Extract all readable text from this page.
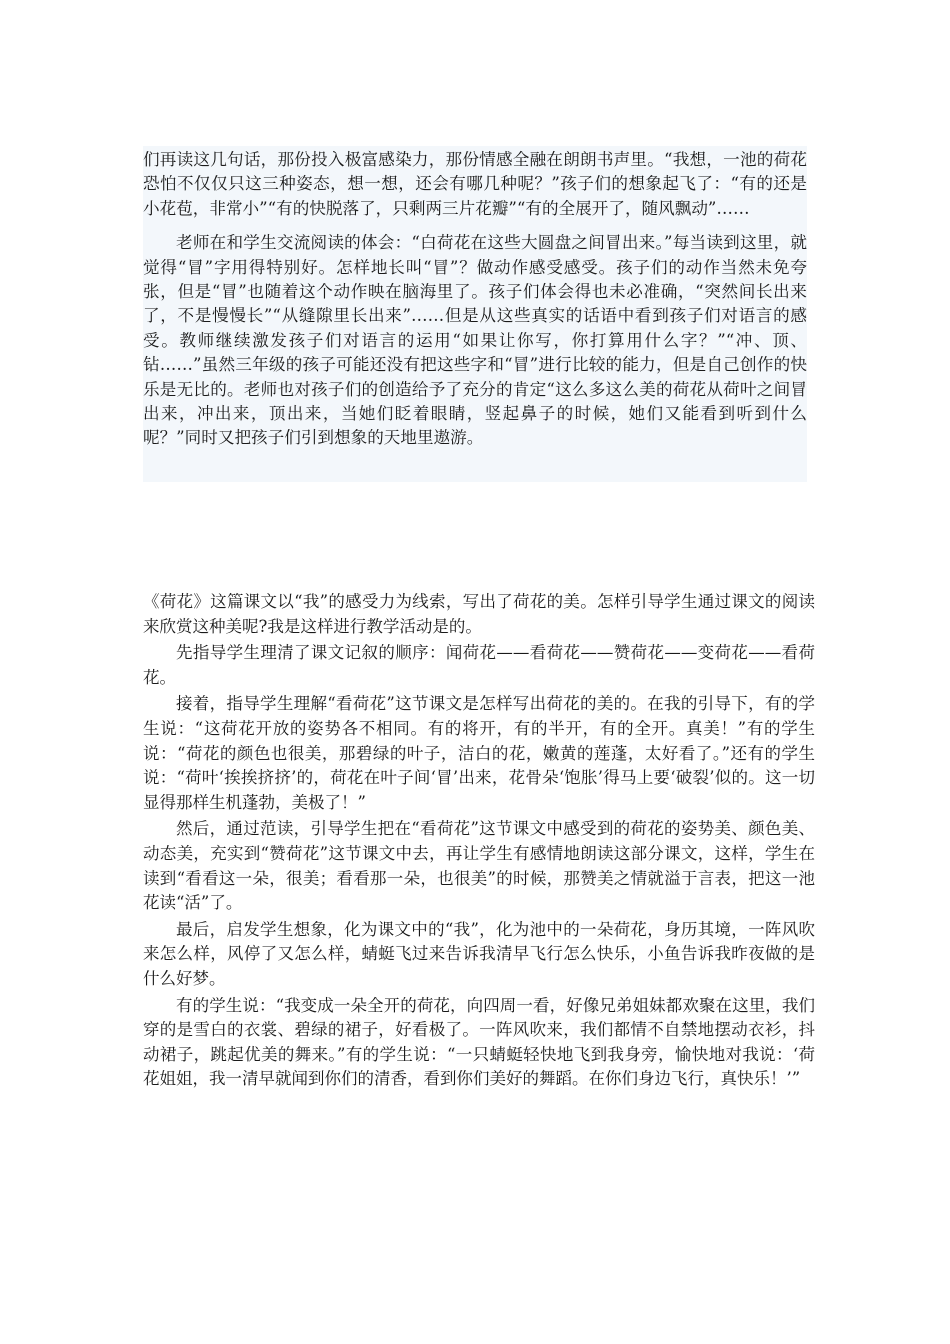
们再读这几句话，那份投入极富感染力，那份情感全融在朗朗书声里。“我想，一池的荷花恐怕不仅仅只这三种姿态，想一想，还会有哪几种呢？”孩子们的想象起飞了：“有的还是小花苞，非常小”“有的快脱落了，只剩两三片花瓣”“有的全展开了，随风飘动”……

老师在和学生交流阅读的体会：“白荷花在这些大圆盘之间冒出来。”每当读到这里，就觉得“冒”字用得特别好。怎样地长叫“冒”？做动作感受感受。孩子们的动作当然未免夸张，但是“冒”也随着这个动作映在脑海里了。孩子们体会得也未必准确，“突然间长出来了，不是慢慢长”“从缝隙里长出来”……但是从这些真实的话语中看到孩子们对语言的感受。教师继续激发孩子们对语言的运用“如果让你写，你打算用什么字？”“冲、顶、钻……”虽然三年级的孩子可能还没有把这些字和“冒”进行比较的能力，但是自己创作的快乐是无比的。老师也对孩子们的创造给予了充分的肯定“这么多这么美的荷花从荷叶之间冒出来，冲出来，顶出来，当她们眨着眼睛，竖起鼻子的时候，她们又能看到听到什么呢？”同时又把孩子们引到想象的天地里遨游。

《荷花》这篇课文以“我”的感受力为线索，写出了荷花的美。怎样引导学生通过课文的阅读来欣赏这种美呢?我是这样进行教学活动是的。

先指导学生理清了课文记叙的顺序：闻荷花——看荷花——赞荷花——变荷花——看荷花。

接着，指导学生理解“看荷花”这节课文是怎样写出荷花的美的。在我的引导下，有的学生说：“这荷花开放的姿势各不相同。有的将开，有的半开，有的全开。真美！”有的学生说：“荷花的颜色也很美，那碧绿的叶子，洁白的花，嫩黄的莲蓬，太好看了。”还有的学生说：“荷叶‘挨挨挤挤’的，荷花在叶子间‘冒’出来，花骨朵‘饱胀’得马上要‘破裂’似的。这一切显得那样生机蓬勃，美极了！”

然后，通过范读，引导学生把在“看荷花”这节课文中感受到的荷花的姿势美、颜色美、动态美，充实到“赞荷花”这节课文中去，再让学生有感情地朗读这部分课文，这样，学生在读到“看看这一朵，很美；看看那一朵，也很美”的时候，那赞美之情就溢于言表，把这一池花读“活”了。

最后，启发学生想象，化为课文中的“我”，化为池中的一朵荷花，身历其境，一阵风吹来怎么样，风停了又怎么样，蜻蜓飞过来告诉我清早飞行怎么快乐，小鱼告诉我昨夜做的是什么好梦。

有的学生说：“我变成一朵全开的荷花，向四周一看，好像兄弟姐妹都欢聚在这里，我们穿的是雪白的衣裳、碧绿的裙子，好看极了。一阵风吹来，我们都情不自禁地摆动衣衫，抖动裙子，跳起优美的舞来。”有的学生说：“一只蜻蜓轻快地飞到我身旁，愉快地对我说：‘荷花姐姐，我一清早就闻到你们的清香，看到你们美好的舞蹈。在你们身边飞行，真快乐！’”
